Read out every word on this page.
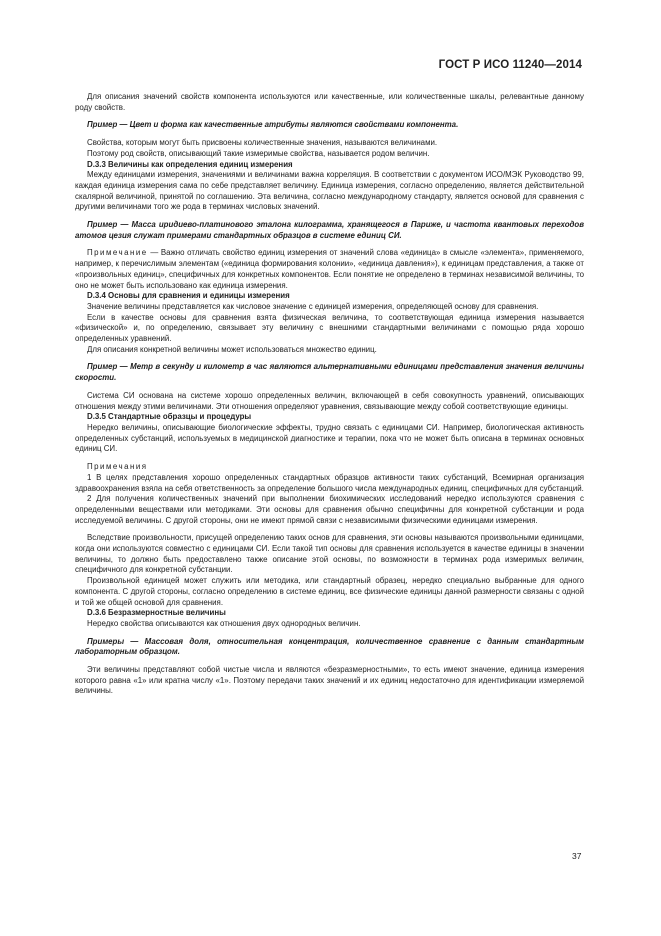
ГОСТ Р ИСО 11240—2014

Для описания значений свойств компонента используются или качественные, или количественные шкалы, релевантные данному роду свойств.

Пример — Цвет и форма как качественные атрибуты являются свойствами компонента.

Свойства, которым могут быть присвоены количественные значения, называются величинами.

Поэтому род свойств, описывающий такие измеримые свойства, называется родом величин.

D.3.3 Величины как определения единиц измерения

Между единицами измерения, значениями и величинами важна корреляция. В соответствии с документом ИСО/МЭК Руководство 99, каждая единица измерения сама по себе представляет величину. Единица измерения, согласно определению, является действительной скалярной величиной, принятой по соглашению. Эта величина, согласно международному стандарту, является основой для сравнения с другими величинами того же рода в терминах числовых значений.

Пример — Масса иридиево-платинового эталона килограмма, хранящегося в Париже, и частота квантовых переходов атомов цезия служат примерами стандартных образцов в системе единиц СИ.

Примечание — Важно отличать свойство единиц измерения от значений слова «единица» в смысле «элемента», применяемого, например, к перечислимым элементам («единица формирования колонии», «единица давления»), к единицам представления, а также от «произвольных единиц», специфичных для конкретных компонентов. Если понятие не определено в терминах независимой величины, то оно не может быть использовано как единица измерения.

D.3.4 Основы для сравнения и единицы измерения

Значение величины представляется как числовое значение с единицей измерения, определяющей основу для сравнения.

Если в качестве основы для сравнения взята физическая величина, то соответствующая единица измерения называется «физической» и, по определению, связывает эту величину с внешними стандартными величинами с помощью ряда хорошо определенных уравнений.

Для описания конкретной величины может использоваться множество единиц.

Пример — Метр в секунду и километр в час являются альтернативными единицами представления значения величины скорости.

Система СИ основана на системе хорошо определенных величин, включающей в себя совокупность уравнений, описывающих отношения между этими величинами. Эти отношения определяют уравнения, связывающие между собой соответствующие единицы.

D.3.5 Стандартные образцы и процедуры

Нередко величины, описывающие биологические эффекты, трудно связать с единицами СИ. Например, биологическая активность определенных субстанций, используемых в медицинской диагностике и терапии, пока что не может быть описана в терминах основных единиц СИ.

Примечания

1 В целях представления хорошо определенных стандартных образцов активности таких субстанций, Всемирная организация здравоохранения взяла на себя ответственность за определение большого числа международных единиц, специфичных для субстанций.

2 Для получения количественных значений при выполнении биохимических исследований нередко используются сравнения с определенными веществами или методиками. Эти основы для сравнения обычно специфичны для конкретной субстанции и рода исследуемой величины. С другой стороны, они не имеют прямой связи с независимыми физическими единицами измерения.

Вследствие произвольности, присущей определению таких основ для сравнения, эти основы называются произвольными единицами, когда они используются совместно с единицами СИ. Если такой тип основы для сравнения используется в качестве единицы в значении величины, то должно быть предоставлено также описание этой основы, по возможности в терминах рода измеримых величин, специфичного для конкретной субстанции.

Произвольной единицей может служить или методика, или стандартный образец, нередко специально выбранные для одного компонента. С другой стороны, согласно определению в системе единиц, все физические единицы данной размерности связаны с одной и той же общей основой для сравнения.

D.3.6 Безразмерностные величины

Нередко свойства описываются как отношения двух однородных величин.

Примеры — Массовая доля, относительная концентрация, количественное сравнение с данным стандартным лабораторным образцом.

Эти величины представляют собой чистые числа и являются «безразмерностными», то есть имеют значение, единица измерения которого равна «1» или кратна числу «1». Поэтому передачи таких значений и их единиц недостаточно для идентификации измеряемой величины.

37
